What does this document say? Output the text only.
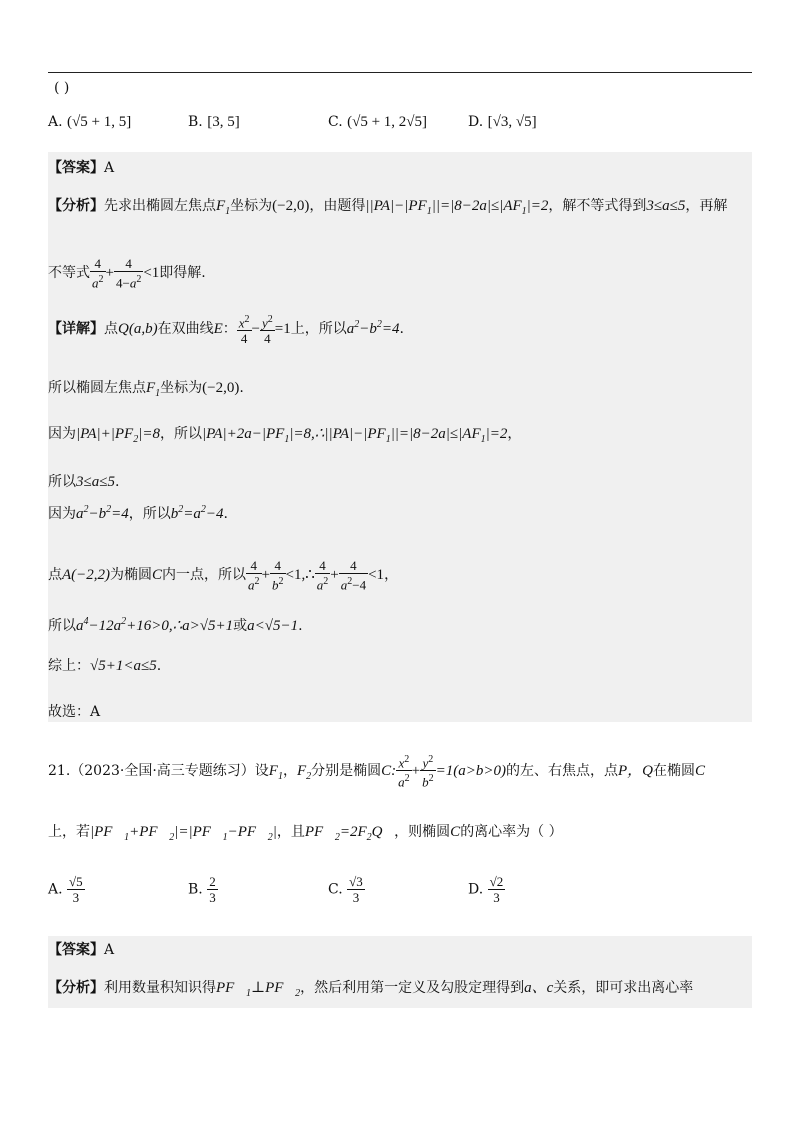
( )
A. (√5 + 1, 5]	B. [3, 5]	C. (√5 + 1, 2√5]	D. [√3, √5]
【答案】A
【分析】先求出椭圆左焦点$F_1$坐标为(−2,0)，由题得$||PA|-|PF_1||=|8-2a|\le|AF_1|=2$，解不等式得到3≤a≤5，再解
不等式 $\frac{4}{a^2} + \frac{4}{4-a^2} <1$即得解.
【详解】点Q(a,b)在双曲线E： $\frac{x^2}{4} - \frac{y^2}{4} =1$上，所以$a^2-b^2=4$.
所以椭圆左焦点$F_1$坐标为(−2,0).
因为$|PA|+|PF_2|=8$，所以$|PA|+2a-|PF_1|=8,\therefore||PA|-|PF_1||=|8-2a|\le|AF_1|=2$，
所以3≤a≤5.
因为$a^2-b^2=4$，所以$b^2=a^2-4$.
点A(−2,2)为椭圆C内一点，所以 $\frac{4}{a^2} + \frac{4}{b^2}$ <1,∴ $\frac{4}{a^2} + \frac{4}{a^2-4} <1$，
所以$a^4-12a^2+16>0,\therefore a>√5+1$或a<√5−1.
综上：√5+1<a≤5.
故选：A
21.（2023·全国·高三专题练习）设$F_1$，$F_2$分别是椭圆C: $\frac{x^2}{a^2} + \frac{y^2}{b^2} =1(a>b>0)$的左、右焦点，点P，Q在椭圆C
上，若$|PF⃗_1+PF⃗_2|=|PF⃗_1-PF⃗_2|$，且$PF⃗_2=2F_2Q⃗$，则椭圆C的离心率为（ ）
A. $\frac{√5}{3}$	B. $\frac{2}{3}$	C. $\frac{√3}{3}$	D. $\frac{√2}{3}$
【答案】A
【分析】利用数量积知识得$PF⃗_1\perp PF⃗_2$，然后利用第一定义及勾股定理得到a、c关系，即可求出离心率
